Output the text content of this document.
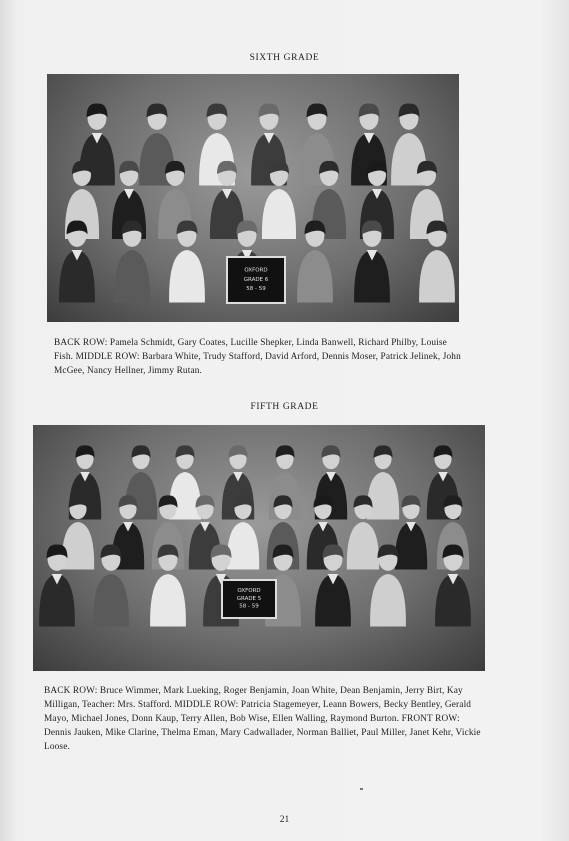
SIXTH GRADE
OXFORD
GRADE 6
58 - 59
BACK ROW: Pamela Schmidt, Gary Coates, Lucille Shepker, Linda Banwell, Richard Philby, Louise Fish. MIDDLE ROW: Barbara White, Trudy Stafford, David Arford, Dennis Moser, Patrick Jelinek, John McGee, Nancy Hellner, Jimmy Rutan.
FIFTH GRADE
OXFORD
GRADE 5
58 - 59
BACK ROW: Bruce Wimmer, Mark Lueking, Roger Benjamin, Joan White, Dean Benjamin, Jerry Birt, Kay Milligan, Teacher: Mrs. Stafford. MIDDLE ROW: Patricia Stagemeyer, Leann Bowers, Becky Bentley, Gerald Mayo, Michael Jones, Donn Kaup, Terry Allen, Bob Wise, Ellen Walling, Raymond Burton. FRONT ROW: Dennis Jauken, Mike Clarine, Thelma Eman, Mary Cadwallader, Norman Balliet, Paul Miller, Janet Kehr, Vickie Loose.
21
